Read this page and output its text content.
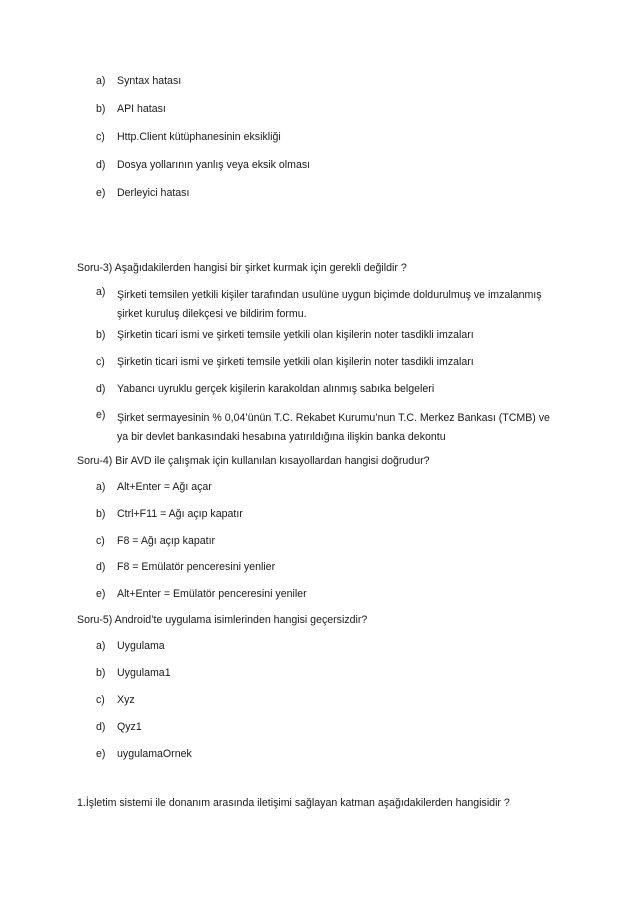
a) Syntax hatası
b) API hatası
c) Http.Client kütüphanesinin eksikliği
d) Dosya yollarının yanlış veya eksik olması
e) Derleyici hatası
Soru-3) Aşağıdakilerden hangisi bir şirket kurmak için gerekli değildir ?
a) Şirketi temsilen yetkili kişiler tarafından usulüne uygun biçimde doldurulmuş ve imzalanmış şirket kuruluş dilekçesi ve bildirim formu.
b) Şirketin ticari ismi ve şirketi temsile yetkili olan kişilerin noter tasdikli imzaları
c) Şirketin ticari ismi ve şirketi temsile yetkili olan kişilerin noter tasdikli imzaları
d) Yabancı uyruklu gerçek kişilerin karakoldan alınmış sabıka belgeleri
e) Şirket sermayesinin % 0,04’ünün T.C. Rekabet Kurumu’nun T.C. Merkez Bankası (TCMB) ve ya bir devlet bankasındaki hesabına yatırıldığına ilişkin banka dekontu
Soru-4) Bir AVD ile çalışmak için kullanılan kısayollardan hangisi doğrudur?
a) Alt+Enter = Ağı açar
b) Ctrl+F11 = Ağı açıp kapatır
c) F8 = Ağı açıp kapatır
d) F8 = Emülatör penceresini yenlier
e) Alt+Enter = Emülatör penceresini yeniler
Soru-5) Android’te uygulama isimlerinden hangisi geçersizdir?
a) Uygulama
b) Uygulama1
c) Xyz
d) Qyz1
e) uygulamaOrnek
1.İşletim sistemi ile donanım arasında iletişimi sağlayan katman aşağıdakilerden hangisidir ?
